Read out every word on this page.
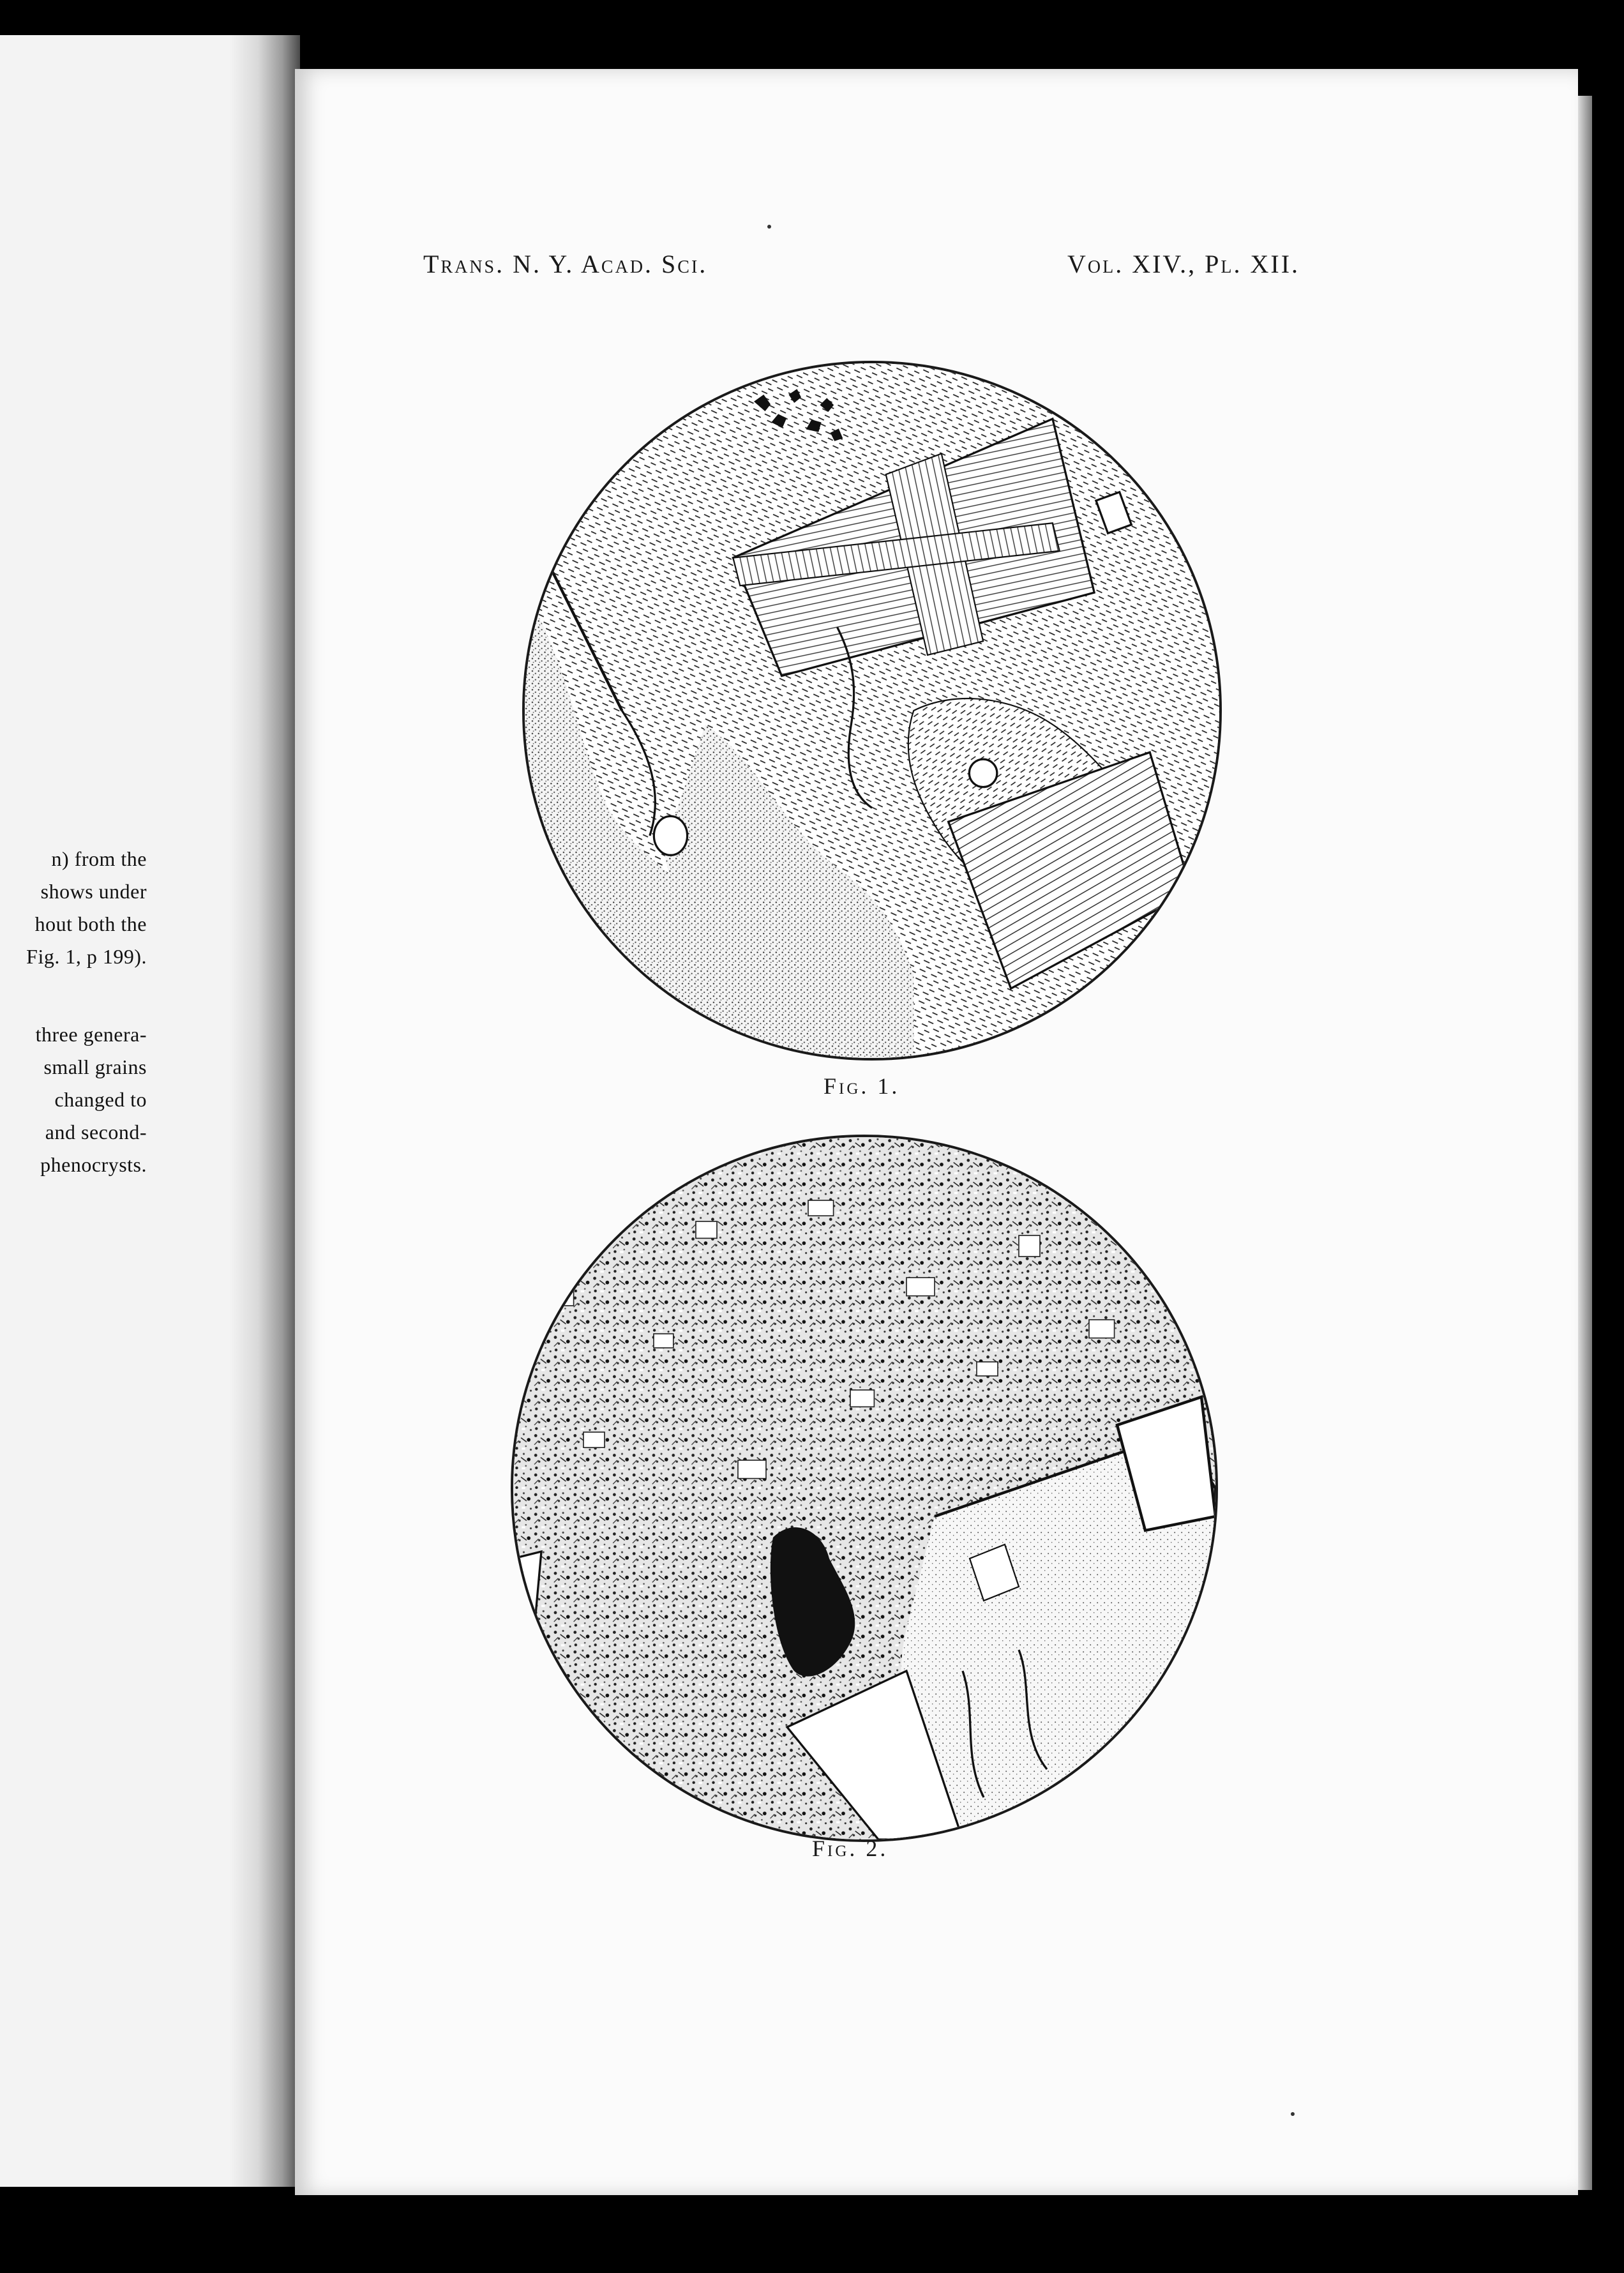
n) from the
shows under
hout both the
Fig. 1, p 199).
three genera-
small grains
changed to
and second-
phenocrysts.
Trans. N. Y. Acad. Sci.	Vol. XIV., Pl. XII.
Fig. 1.
Fig. 2.
